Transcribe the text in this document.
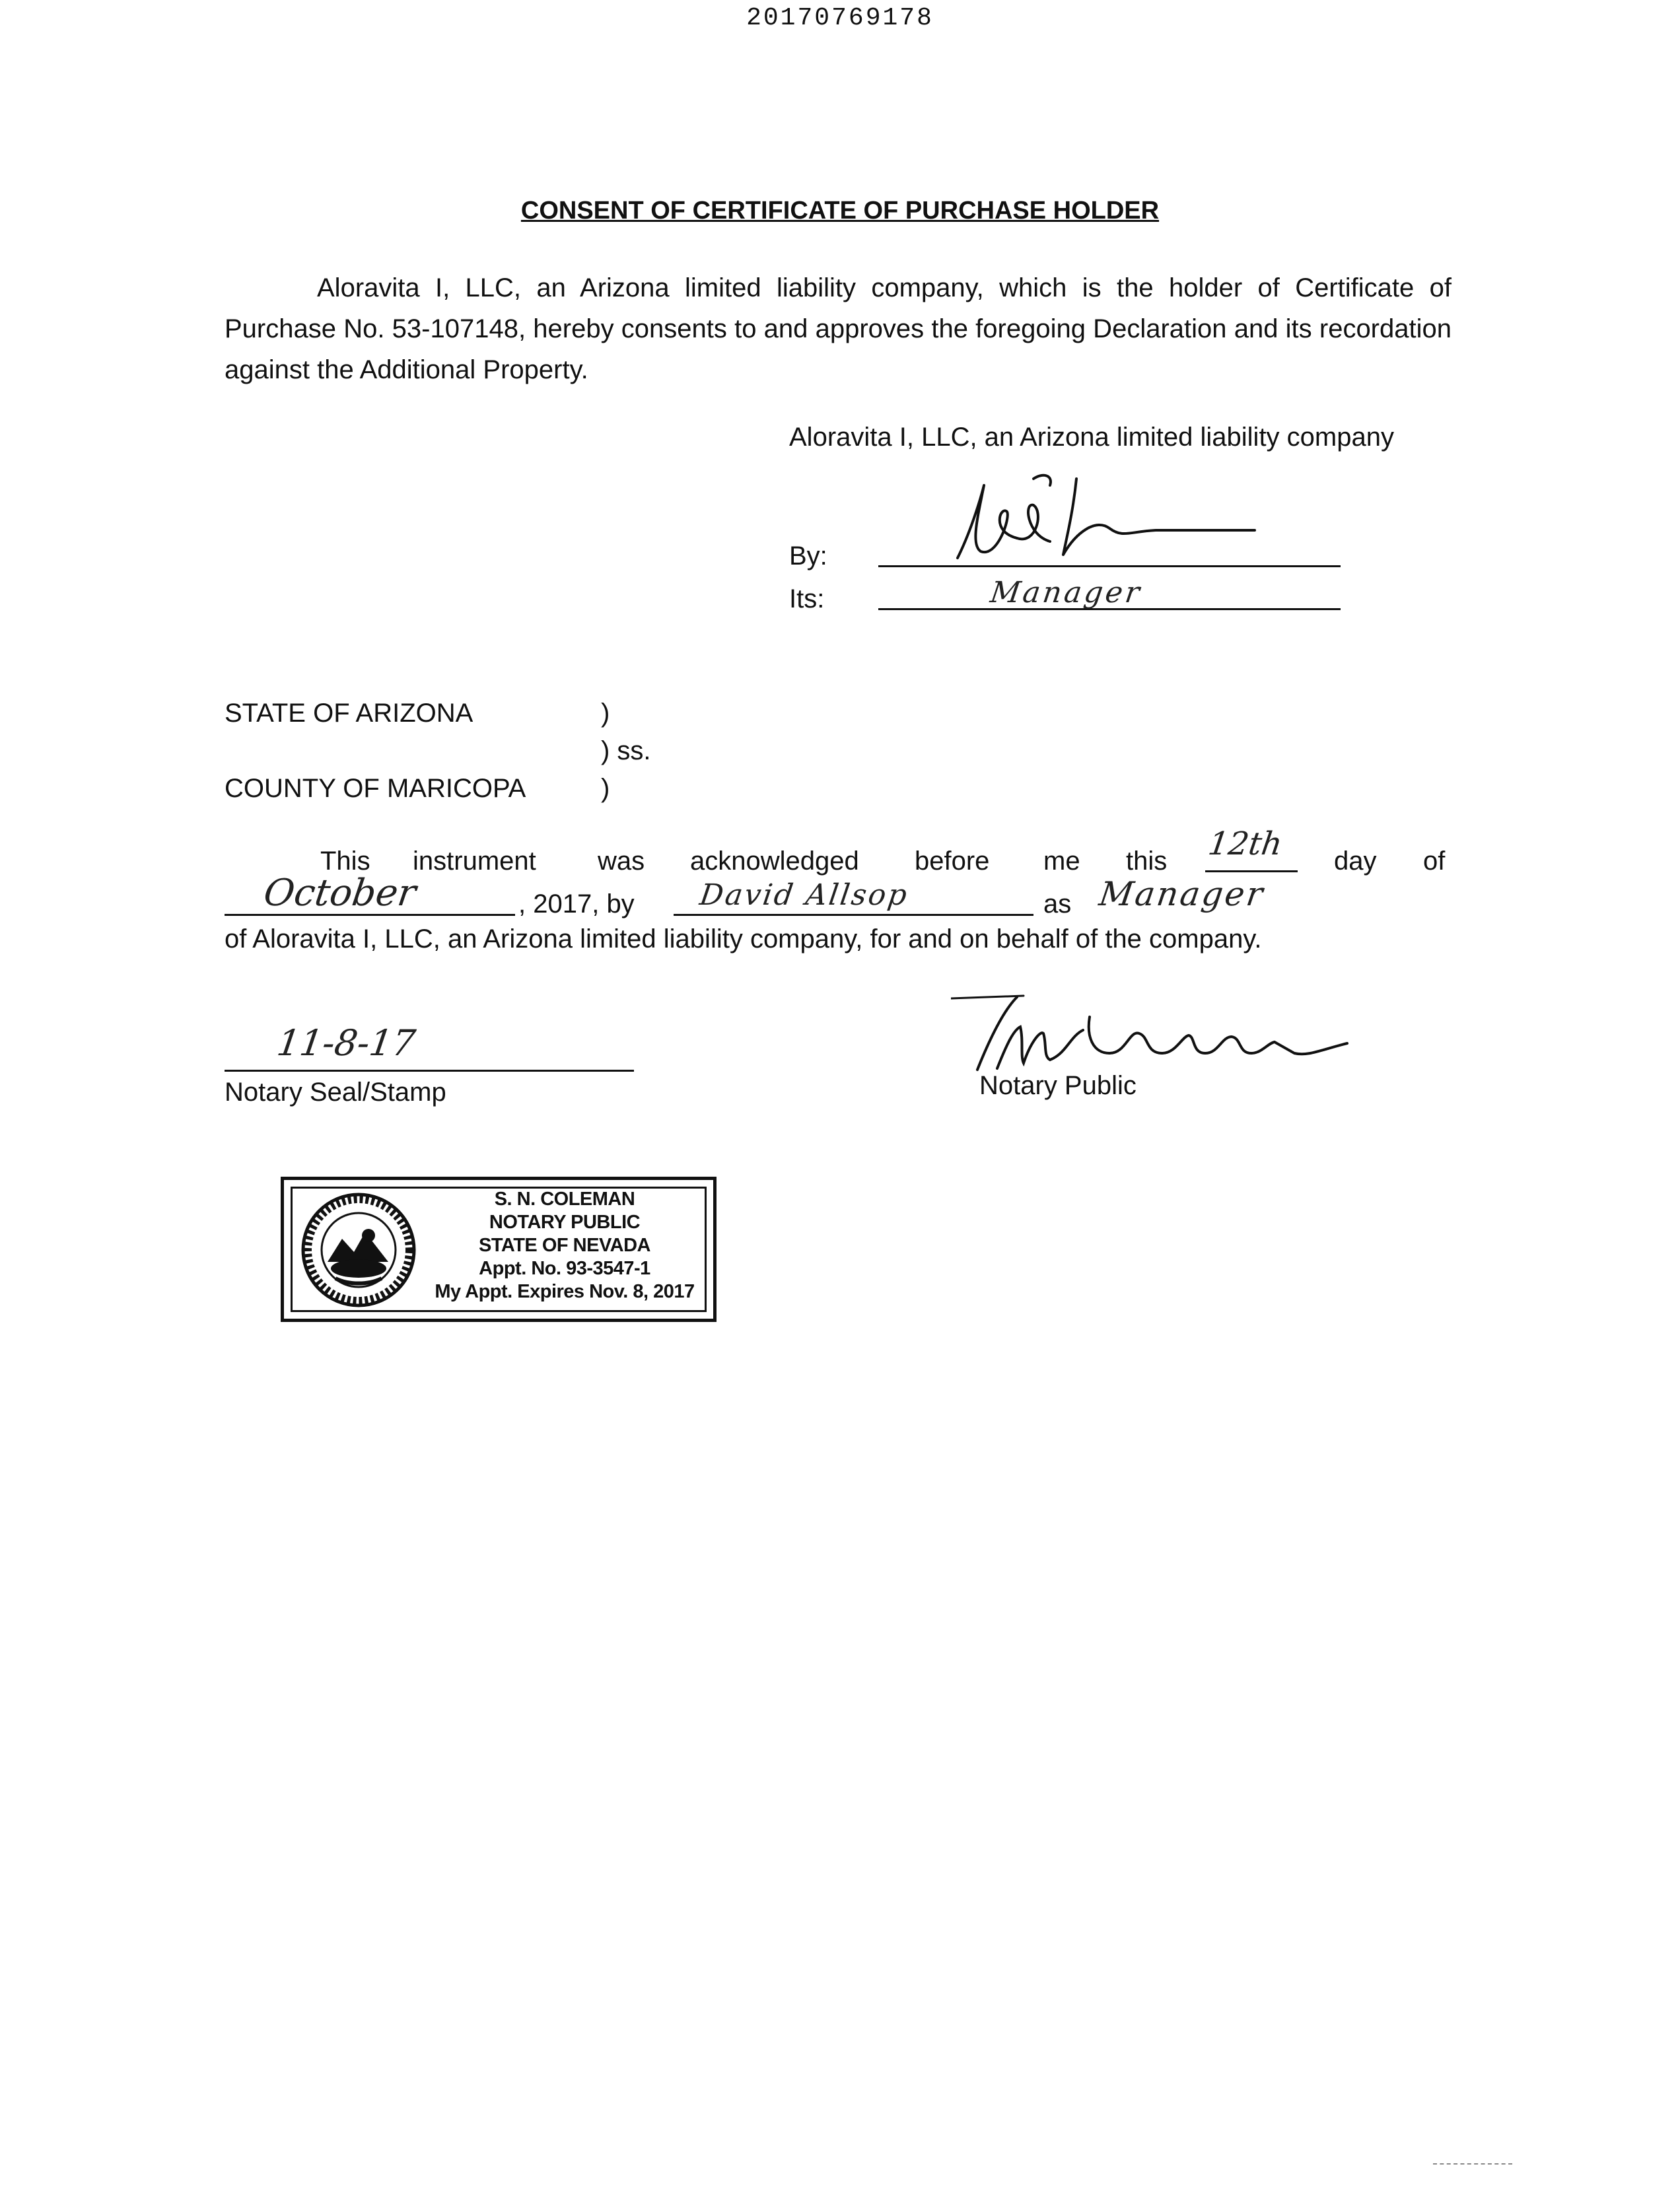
20170769178
CONSENT OF CERTIFICATE OF PURCHASE HOLDER
Aloravita I, LLC, an Arizona limited liability company, which is the holder of Certificate of Purchase No. 53-107148, hereby consents to and approves the foregoing Declaration and its recordation against the Additional Property.
Aloravita I, LLC, an Arizona limited liability company
By:
Its:	Manager
STATE OF ARIZONA	)
) ss.
COUNTY OF MARICOPA	)
This instrument was acknowledged before me this 12th day of
October	, 2017, by David Allsop	as Manager
of Aloravita I, LLC, an Arizona limited liability company, for and on behalf of the company.
11-8-17
Notary Seal/Stamp	Notary Public
S. N. COLEMAN
NOTARY PUBLIC
STATE OF NEVADA
Appt. No. 93-3547-1
My Appt. Expires Nov. 8, 2017
